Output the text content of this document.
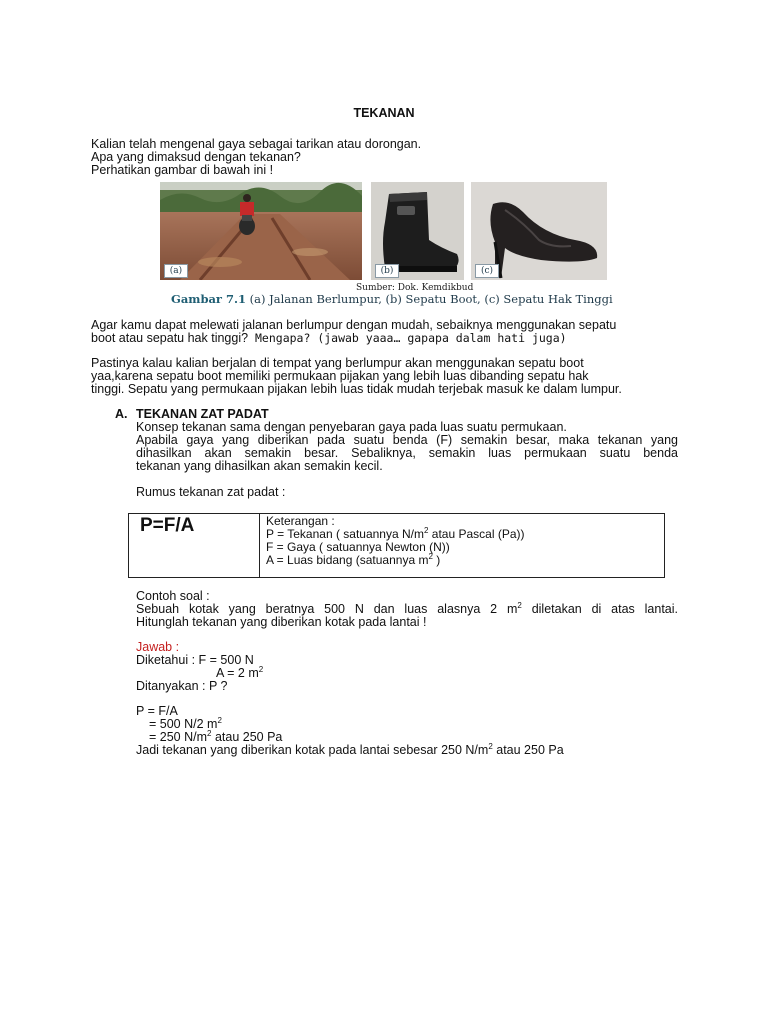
TEKANAN
Kalian telah mengenal gaya sebagai tarikan atau dorongan.
Apa yang dimaksud dengan tekanan?
Perhatikan gambar di bawah ini !
(a)	(b)	(c)
Sumber: Dok. Kemdikbud
Gambar 7.1 (a) Jalanan Berlumpur, (b) Sepatu Boot, (c) Sepatu Hak Tinggi
Agar kamu dapat melewati jalanan berlumpur dengan mudah, sebaiknya menggunakan sepatu
boot atau sepatu hak tinggi? Mengapa? (jawab yaaa… gapapa dalam hati juga)
Pastinya kalau kalian berjalan di tempat yang berlumpur akan menggunakan sepatu boot
yaa,karena sepatu boot memiliki permukaan pijakan yang lebih luas dibanding sepatu hak
tinggi. Sepatu yang permukaan pijakan lebih luas tidak mudah terjebak masuk ke dalam lumpur.
A. TEKANAN ZAT PADAT
Konsep tekanan sama dengan penyebaran gaya pada luas suatu permukaan.
Apabila gaya yang diberikan pada suatu benda (F) semakin besar, maka tekanan yang
dihasilkan akan semakin besar. Sebaliknya, semakin luas permukaan suatu benda
tekanan yang dihasilkan akan semakin kecil.
Rumus tekanan zat padat :
P=F/A	Keterangan :
P = Tekanan ( satuannya $N/m^2$ atau Pascal (Pa))
F = Gaya ( satuannya Newton (N))
A = Luas bidang (satuannya $m^2$ )
Contoh soal :
Sebuah kotak yang beratnya 500 N dan luas alasnya 2 $m^2$ diletakan di atas lantai.
Hitunglah tekanan yang diberikan kotak pada lantai !
Jawab :
Diketahui : F = 500 N
A = 2 $m^2$
Ditanyakan : P ?
P = F/A
= 500 N/2 $m^2$
= 250 $N/m^2$ atau 250 Pa
Jadi tekanan yang diberikan kotak pada lantai sebesar 250 $N/m^2$ atau 250 Pa
